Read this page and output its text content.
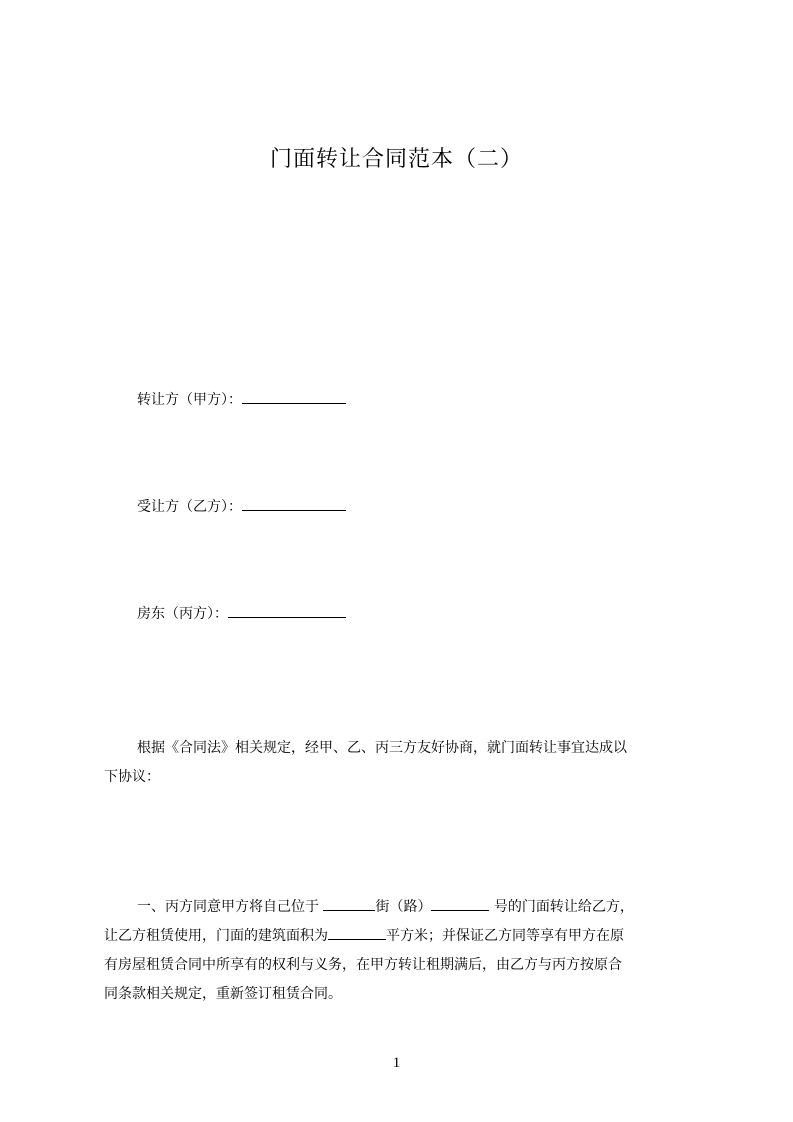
门面转让合同范本（二）
转让方（甲方）：
受让方（乙方）：
房东（丙方）：

根据《合同法》相关规定，经甲、乙、丙三方友好协商，就门面转让事宜达成以

下协议：

一、丙方同意甲方将自己位于	街（路）	号的门面转让给乙方，

让乙方租赁使用，门面的建筑面积为	平方米；并保证乙方同等享有甲方在原

有房屋租赁合同中所享有的权利与义务，在甲方转让租期满后，由乙方与丙方按原合

同条款相关规定，重新签订租赁合同。

1
